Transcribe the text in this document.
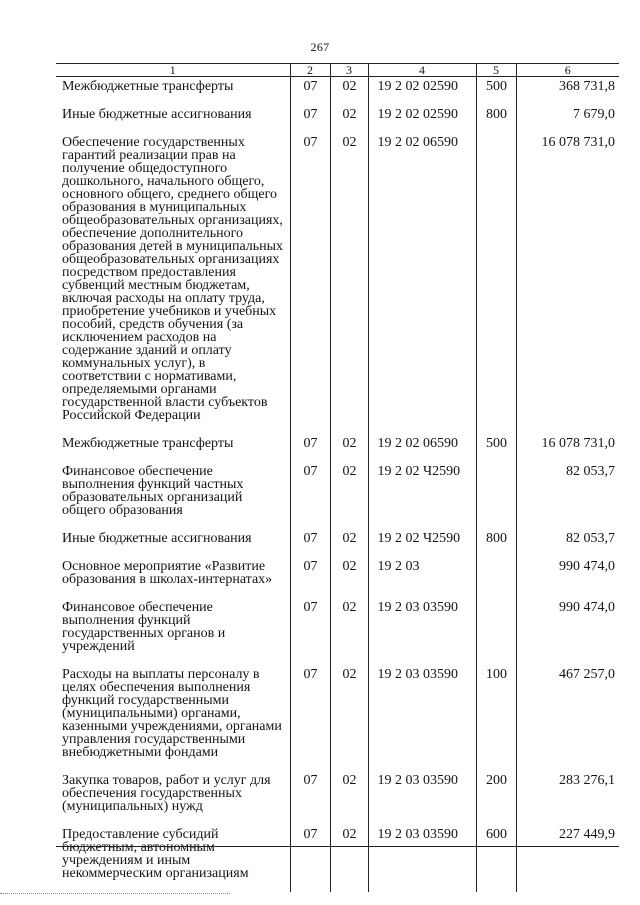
267
1	2	3	4	5	6
Межбюджетные трансферты	07	02	19 2 02 02590	500	368 731,8
Иные бюджетные ассигнования	07	02	19 2 02 02590	800	7 679,0
Обеспечение государственных гарантий реализации прав на получение общедоступного дошкольного, начального общего, основного общего, среднего общего образования в муниципальных общеобразовательных организациях, обеспечение дополнительного образования детей в муниципальных общеобразовательных организациях посредством предоставления субвенций местным бюджетам, включая расходы на оплату труда, приобретение учебников и учебных пособий, средств обучения (за исключением расходов на содержание зданий и оплату коммунальных услуг), в соответствии с нормативами, определяемыми органами государственной власти субъектов Российской Федерации	07	02	19 2 02 06590		16 078 731,0
Межбюджетные трансферты	07	02	19 2 02 06590	500	16 078 731,0
Финансовое обеспечение выполнения функций частных образовательных организаций общего образования	07	02	19 2 02 Ч2590		82 053,7
Иные бюджетные ассигнования	07	02	19 2 02 Ч2590	800	82 053,7
Основное мероприятие «Развитие образования в школах-интернатах»	07	02	19 2 03		990 474,0
Финансовое обеспечение выполнения функций государственных органов и учреждений	07	02	19 2 03 03590		990 474,0
Расходы на выплаты персоналу в целях обеспечения выполнения функций государственными (муниципальными) органами, казенными учреждениями, органами управления государственными внебюджетными фондами	07	02	19 2 03 03590	100	467 257,0
Закупка товаров, работ и услуг для обеспечения государственных (муниципальных) нужд	07	02	19 2 03 03590	200	283 276,1
Предоставление субсидий бюджетным, автономным учреждениям и иным некоммерческим организациям	07	02	19 2 03 03590	600	227 449,9
